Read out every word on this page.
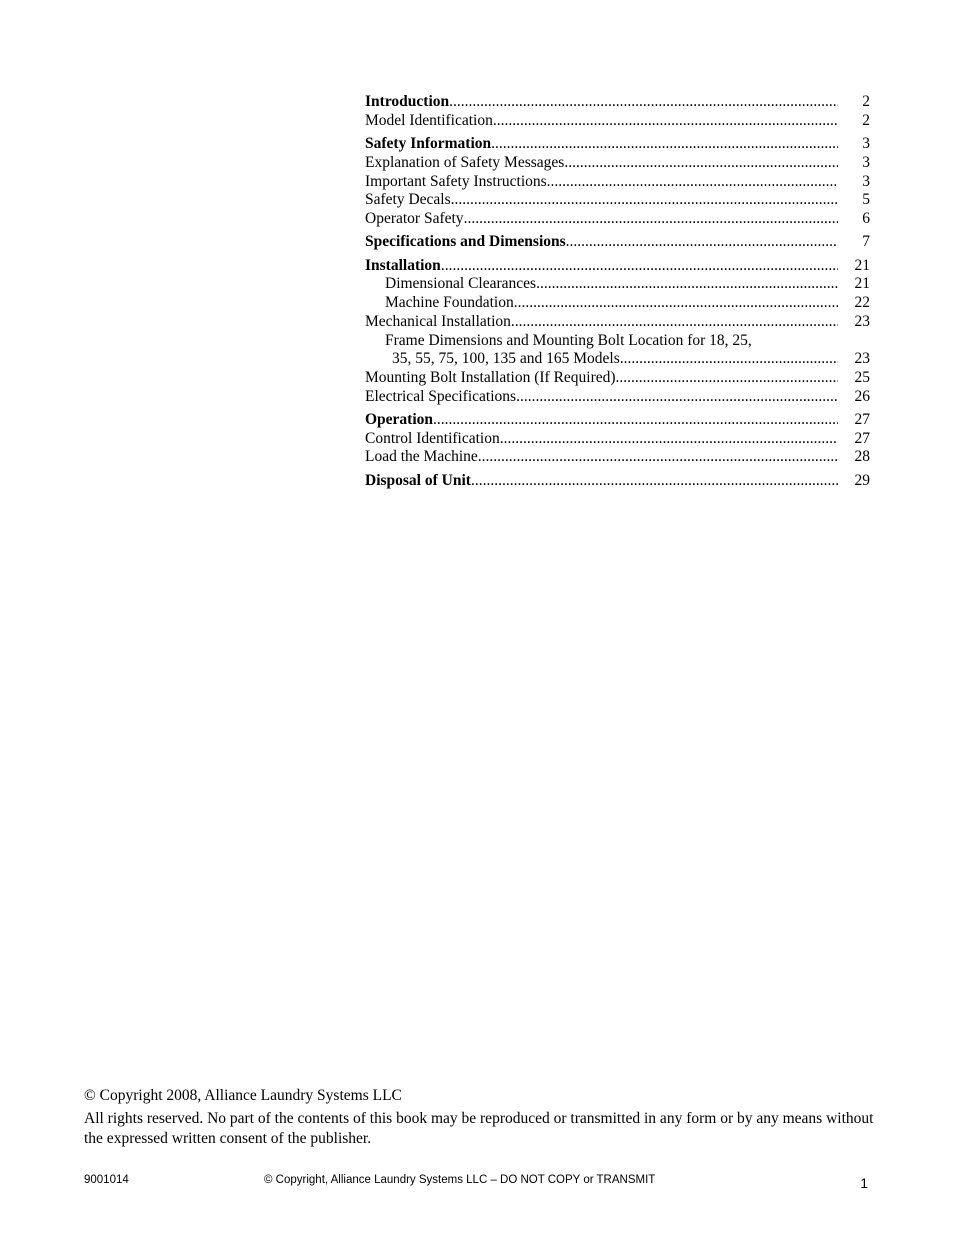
Introduction .....	2
Model Identification .....	2
Safety Information .....	3
Explanation of Safety Messages .....	3
Important Safety Instructions .....	3
Safety Decals .....	5
Operator Safety .....	6
Specifications and Dimensions .....	7
Installation .....	21
Dimensional Clearances .....	21
Machine Foundation .....	22
Mechanical Installation .....	23
Frame Dimensions and Mounting Bolt Location for 18, 25,
35, 55, 75, 100, 135 and 165 Models .....	23
Mounting Bolt Installation (If Required) .....	25
Electrical Specifications .....	26
Operation .....	27
Control Identification .....	27
Load the Machine .....	28
Disposal of Unit .....	29
© Copyright 2008, Alliance Laundry Systems LLC
All rights reserved. No part of the contents of this book may be reproduced or transmitted in any form or by any means without the expressed written consent of the publisher.
9001014	© Copyright, Alliance Laundry Systems LLC – DO NOT COPY or TRANSMIT	1
